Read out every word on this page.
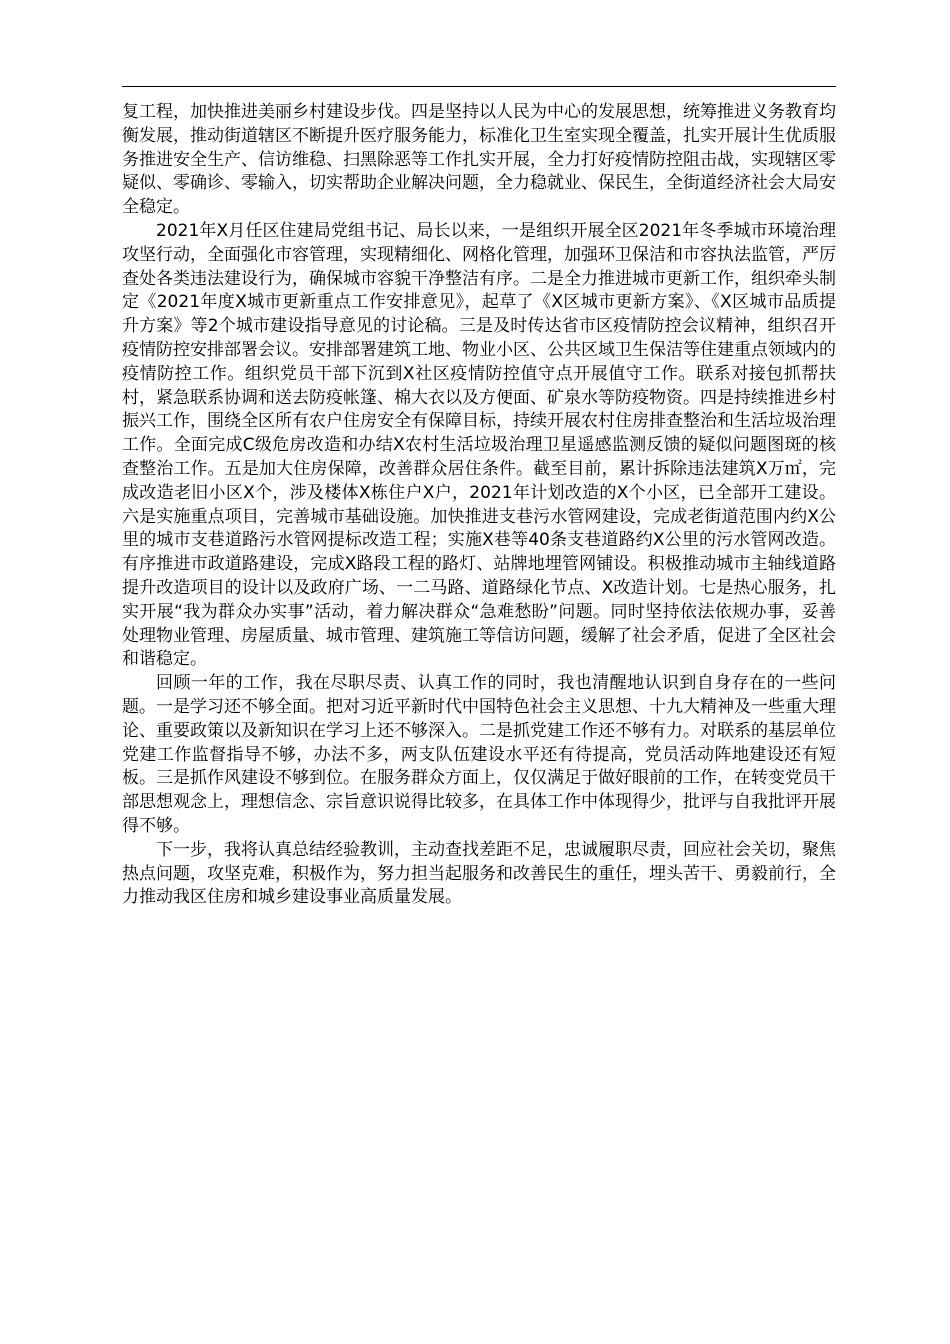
复工程，加快推进美丽乡村建设步伐。四是坚持以人民为中心的发展思想，统筹推进义务教育均衡发展，推动街道辖区不断提升医疗服务能力，标准化卫生室实现全覆盖，扎实开展计生优质服务推进安全生产、信访维稳、扫黑除恶等工作扎实开展，全力打好疫情防控阻击战，实现辖区零疑似、零确诊、零输入，切实帮助企业解决问题，全力稳就业、保民生，全街道经济社会大局安全稳定。

2021年X月任区住建局党组书记、局长以来，一是组织开展全区2021年冬季城市环境治理攻坚行动，全面强化市容管理，实现精细化、网格化管理，加强环卫保洁和市容执法监管，严厉查处各类违法建设行为，确保城市容貌干净整洁有序。二是全力推进城市更新工作，组织牵头制定《2021年度X城市更新重点工作安排意见》，起草了《X区城市更新方案》、《X区城市品质提升方案》等2个城市建设指导意见的讨论稿。三是及时传达省市区疫情防控会议精神，组织召开疫情防控安排部署会议。安排部署建筑工地、物业小区、公共区域卫生保洁等住建重点领域内的疫情防控工作。组织党员干部下沉到X社区疫情防控值守点开展值守工作。联系对接包抓帮扶村，紧急联系协调和送去防疫帐篷、棉大衣以及方便面、矿泉水等防疫物资。四是持续推进乡村振兴工作，围绕全区所有农户住房安全有保障目标，持续开展农村住房排查整治和生活垃圾治理工作。全面完成C级危房改造和办结X农村生活垃圾治理卫星遥感监测反馈的疑似问题图斑的核查整治工作。五是加大住房保障，改善群众居住条件。截至目前，累计拆除违法建筑X万㎡，完成改造老旧小区X个，涉及楼体X栋住户X户，2021年计划改造的X个小区，已全部开工建设。六是实施重点项目，完善城市基础设施。加快推进支巷污水管网建设，完成老街道范围内约X公里的城市支巷道路污水管网提标改造工程；实施X巷等40条支巷道路约X公里的污水管网改造。有序推进市政道路建设，完成X路段工程的路灯、站牌地埋管网铺设。积极推动城市主轴线道路提升改造项目的设计以及政府广场、一二马路、道路绿化节点、X改造计划。七是热心服务，扎实开展“我为群众办实事”活动，着力解决群众“急难愁盼”问题。同时坚持依法依规办事，妥善处理物业管理、房屋质量、城市管理、建筑施工等信访问题，缓解了社会矛盾，促进了全区社会和谐稳定。

回顾一年的工作，我在尽职尽责、认真工作的同时，我也清醒地认识到自身存在的一些问题。一是学习还不够全面。把对习近平新时代中国特色社会主义思想、十九大精神及一些重大理论、重要政策以及新知识在学习上还不够深入。二是抓党建工作还不够有力。对联系的基层单位党建工作监督指导不够，办法不多，两支队伍建设水平还有待提高，党员活动阵地建设还有短板。三是抓作风建设不够到位。在服务群众方面上，仅仅满足于做好眼前的工作，在转变党员干部思想观念上，理想信念、宗旨意识说得比较多，在具体工作中体现得少，批评与自我批评开展得不够。

下一步，我将认真总结经验教训，主动查找差距不足，忠诚履职尽责，回应社会关切，聚焦热点问题，攻坚克难，积极作为，努力担当起服务和改善民生的重任，埋头苦干、勇毅前行，全力推动我区住房和城乡建设事业高质量发展。
